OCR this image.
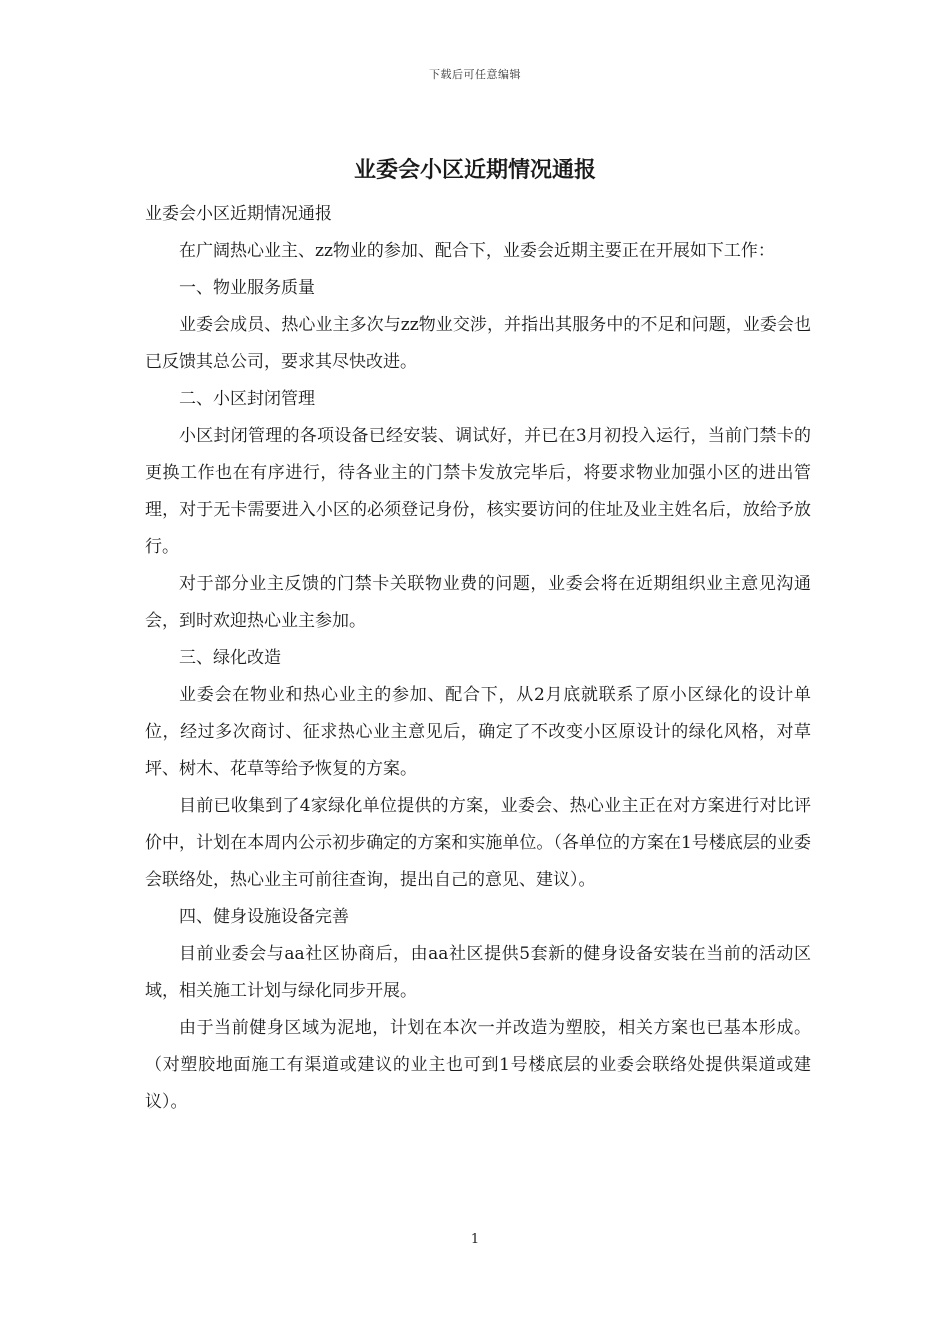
下载后可任意编辑
业委会小区近期情况通报

业委会小区近期情况通报

在广阔热心业主、zz物业的参加、配合下，业委会近期主要正在开展如下工作：

一、物业服务质量

业委会成员、热心业主多次与zz物业交涉，并指出其服务中的不足和问题，业委会也已反馈其总公司，要求其尽快改进。

二、小区封闭管理

小区封闭管理的各项设备已经安装、调试好，并已在3月初投入运行，当前门禁卡的更换工作也在有序进行，待各业主的门禁卡发放完毕后，将要求物业加强小区的进出管理，对于无卡需要进入小区的必须登记身份，核实要访问的住址及业主姓名后，放给予放行。

对于部分业主反馈的门禁卡关联物业费的问题，业委会将在近期组织业主意见沟通会，到时欢迎热心业主参加。

三、绿化改造

业委会在物业和热心业主的参加、配合下，从2月底就联系了原小区绿化的设计单位，经过多次商讨、征求热心业主意见后，确定了不改变小区原设计的绿化风格，对草坪、树木、花草等给予恢复的方案。

目前已收集到了4家绿化单位提供的方案，业委会、热心业主正在对方案进行对比评价中，计划在本周内公示初步确定的方案和实施单位。（各单位的方案在1号楼底层的业委会联络处，热心业主可前往查询，提出自己的意见、建议）。

四、健身设施设备完善

目前业委会与aa社区协商后，由aa社区提供5套新的健身设备安装在当前的活动区域，相关施工计划与绿化同步开展。

由于当前健身区域为泥地，计划在本次一并改造为塑胶，相关方案也已基本形成。（对塑胶地面施工有渠道或建议的业主也可到1号楼底层的业委会联络处提供渠道或建议）。

1
